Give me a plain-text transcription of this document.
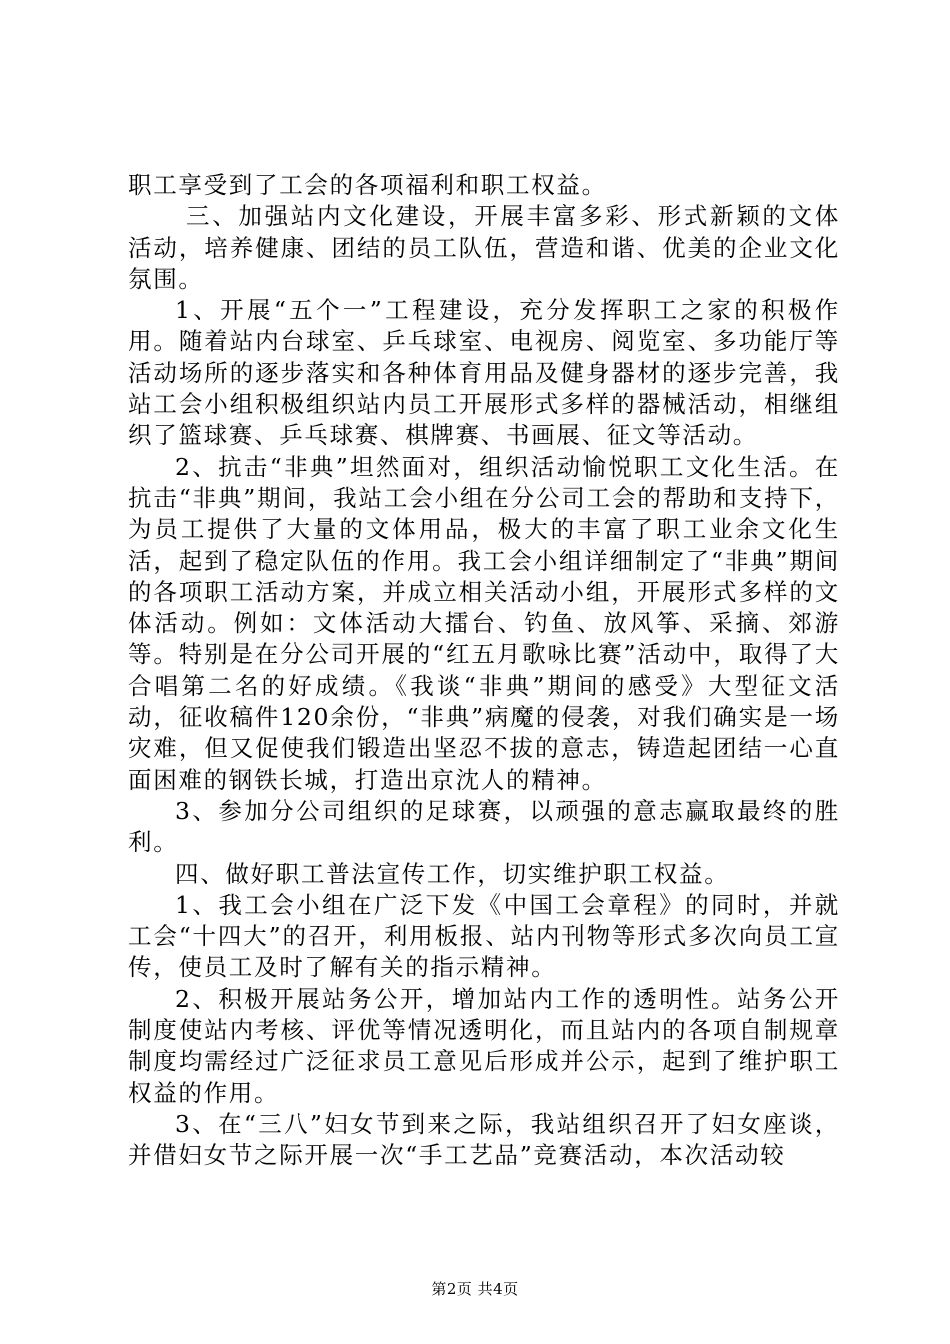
职工享受到了工会的各项福利和职工权益。

三、加强站内文化建设，开展丰富多彩、形式新颖的文体活动，培养健康、团结的员工队伍，营造和谐、优美的企业文化氛围。

1、开展“五个一”工程建设，充分发挥职工之家的积极作用。随着站内台球室、乒乓球室、电视房、阅览室、多功能厅等活动场所的逐步落实和各种体育用品及健身器材的逐步完善，我站工会小组积极组织站内员工开展形式多样的器械活动，相继组织了篮球赛、乒乓球赛、棋牌赛、书画展、征文等活动。

2、抗击“非典”坦然面对，组织活动愉悦职工文化生活。在抗击“非典”期间，我站工会小组在分公司工会的帮助和支持下，为员工提供了大量的文体用品，极大的丰富了职工业余文化生活，起到了稳定队伍的作用。我工会小组详细制定了“非典”期间的各项职工活动方案，并成立相关活动小组，开展形式多样的文体活动。例如：文体活动大擂台、钓鱼、放风筝、采摘、郊游等。特别是在分公司开展的“红五月歌咏比赛”活动中，取得了大合唱第二名的好成绩。《我谈“非典”期间的感受》大型征文活动，征收稿件120余份，“非典”病魔的侵袭，对我们确实是一场灾难，但又促使我们锻造出坚忍不拔的意志，铸造起团结一心直面困难的钢铁长城，打造出京沈人的精神。

3、参加分公司组织的足球赛，以顽强的意志赢取最终的胜利。

四、做好职工普法宣传工作，切实维护职工权益。

1、我工会小组在广泛下发《中国工会章程》的同时，并就工会“十四大”的召开，利用板报、站内刊物等形式多次向员工宣传，使员工及时了解有关的指示精神。

2、积极开展站务公开，增加站内工作的透明性。站务公开制度使站内考核、评优等情况透明化，而且站内的各项自制规章制度均需经过广泛征求员工意见后形成并公示，起到了维护职工权益的作用。

3、在“三八”妇女节到来之际，我站组织召开了妇女座谈，并借妇女节之际开展一次“手工艺品”竞赛活动，本次活动较

第2页 共4页
